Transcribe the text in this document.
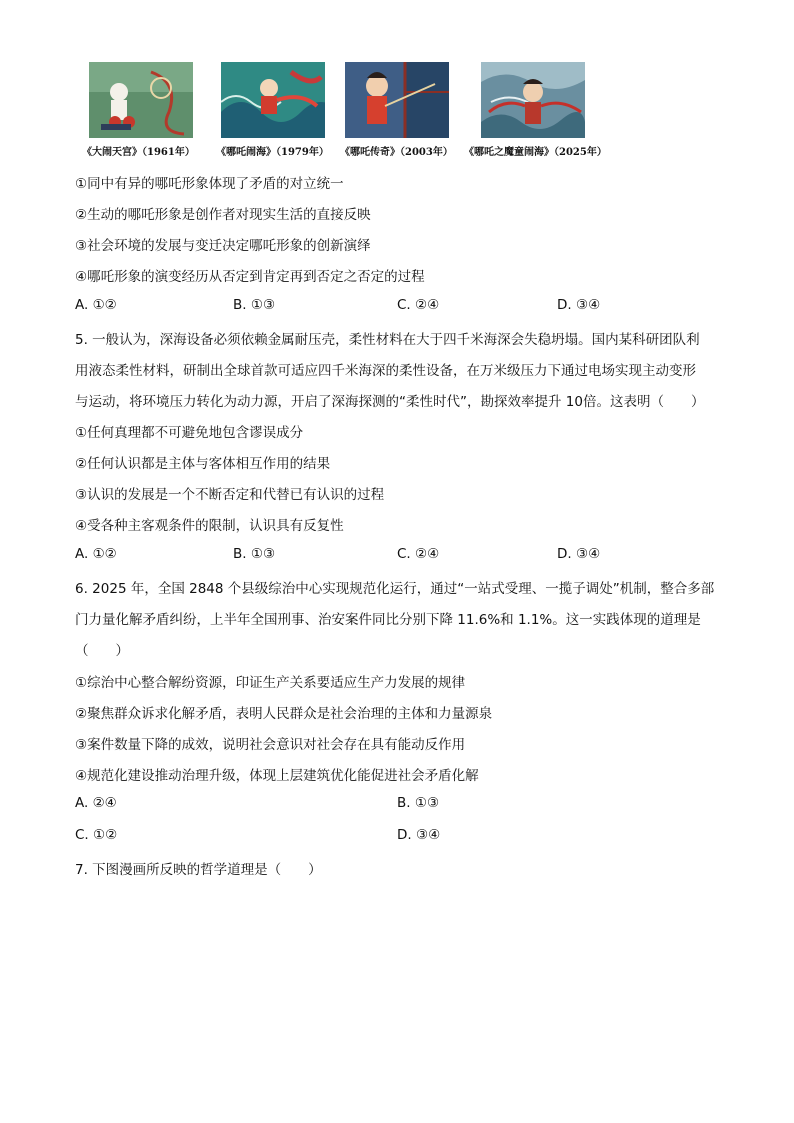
《大闹天宫》（1961年） 《哪吒闹海》（1979年） 《哪吒传奇》（2003年） 《哪吒之魔童闹海》（2025年）
①同中有异的哪吒形象体现了矛盾的对立统一
②生动的哪吒形象是创作者对现实生活的直接反映
③社会环境的发展与变迁决定哪吒形象的创新演绎
④哪吒形象的演变经历从否定到肯定再到否定之否定的过程
A. ①②	B. ①③	C. ②④	D. ③④
5. 一般认为，深海设备必须依赖金属耐压壳，柔性材料在大于四千米海深会失稳坍塌。国内某科研团队利
用液态柔性材料，研制出全球首款可适应四千米海深的柔性设备，在万米级压力下通过电场实现主动变形
与运动，将环境压力转化为动力源，开启了深海探测的“柔性时代”，勘探效率提升 10倍。这表明（　　）
①任何真理都不可避免地包含谬误成分
②任何认识都是主体与客体相互作用的结果
③认识的发展是一个不断否定和代替已有认识的过程
④受各种主客观条件的限制，认识具有反复性
A. ①②	B. ①③	C. ②④	D. ③④
6. 2025 年，全国 2848 个县级综治中心实现规范化运行，通过“一站式受理、一揽子调处”机制，整合多部
门力量化解矛盾纠纷，上半年全国刑事、治安案件同比分别下降 11.6%和 1.1%。这一实践体现的道理是
（　　）
①综治中心整合解纷资源，印证生产关系要适应生产力发展的规律
②聚焦群众诉求化解矛盾，表明人民群众是社会治理的主体和力量源泉
③案件数量下降的成效，说明社会意识对社会存在具有能动反作用
④规范化建设推动治理升级，体现上层建筑优化能促进社会矛盾化解
A. ②④	B. ①③
C. ①②	D. ③④
7. 下图漫画所反映的哲学道理是（　　）
